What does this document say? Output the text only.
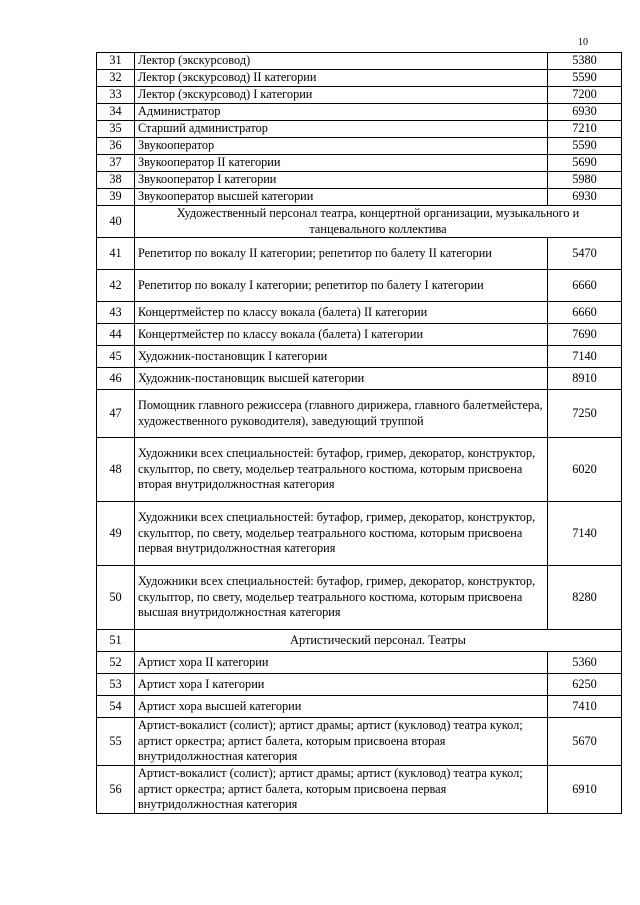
10
31	Лектор (экскурсовод)	5380
32	Лектор (экскурсовод) II категории	5590
33	Лектор (экскурсовод) I категории	7200
34	Администратор	6930
35	Старший администратор	7210
36	Звукооператор	5590
37	Звукооператор II категории	5690
38	Звукооператор I категории	5980
39	Звукооператор высшей категории	6930
40	Художественный персонал театра, концертной организации, музыкального и танцевального коллектива	
41	Репетитор по вокалу II категории; репетитор по балету II категории	5470
42	Репетитор по вокалу I категории; репетитор по балету I категории	6660
43	Концертмейстер по классу вокала (балета) II категории	6660
44	Концертмейстер по классу вокала (балета) I категории	7690
45	Художник-постановщик I категории	7140
46	Художник-постановщик высшей категории	8910
47	Помощник главного режиссера (главного дирижера, главного балетмейстера, художественного руководителя), заведующий труппой	7250
48	Художники всех специальностей: бутафор, гример, декоратор, конструктор, скульптор, по свету, модельер театрального костюма, которым присвоена вторая внутридолжностная категория	6020
49	Художники всех специальностей: бутафор, гример, декоратор, конструктор, скульптор, по свету, модельер театрального костюма, которым присвоена первая внутридолжностная категория	7140
50	Художники всех специальностей: бутафор, гример, декоратор, конструктор, скульптор, по свету, модельер театрального костюма, которым присвоена высшая внутридолжностная категория	8280
51	Артистический персонал. Театры	
52	Артист хора II категории	5360
53	Артист хора I категории	6250
54	Артист хора высшей категории	7410
55	Артист-вокалист (солист); артист драмы; артист (кукловод) театра кукол; артист оркестра; артист балета, которым присвоена вторая внутридолжностная категория	5670
56	Артист-вокалист (солист); артист драмы; артист (кукловод) театра кукол; артист оркестра; артист балета, которым присвоена первая внутридолжностная категория	6910
